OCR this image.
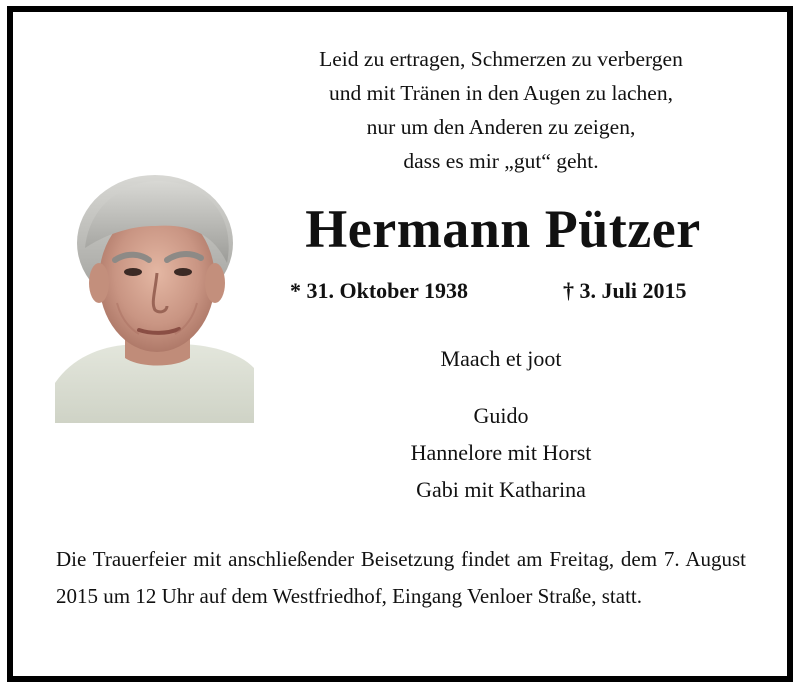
Leid zu ertragen, Schmerzen zu verbergen
und mit Tränen in den Augen zu lachen,
nur um den Anderen zu zeigen,
dass es mir „gut“ geht.
Hermann Pützer
* 31. Oktober 1938	† 3. Juli 2015
Maach et joot
Guido
Hannelore mit Horst
Gabi mit Katharina

Die Trauerfeier mit anschließender Beisetzung findet am Freitag, dem 7. August 2015 um 12 Uhr auf dem Westfriedhof, Eingang Venloer Straße, statt.
